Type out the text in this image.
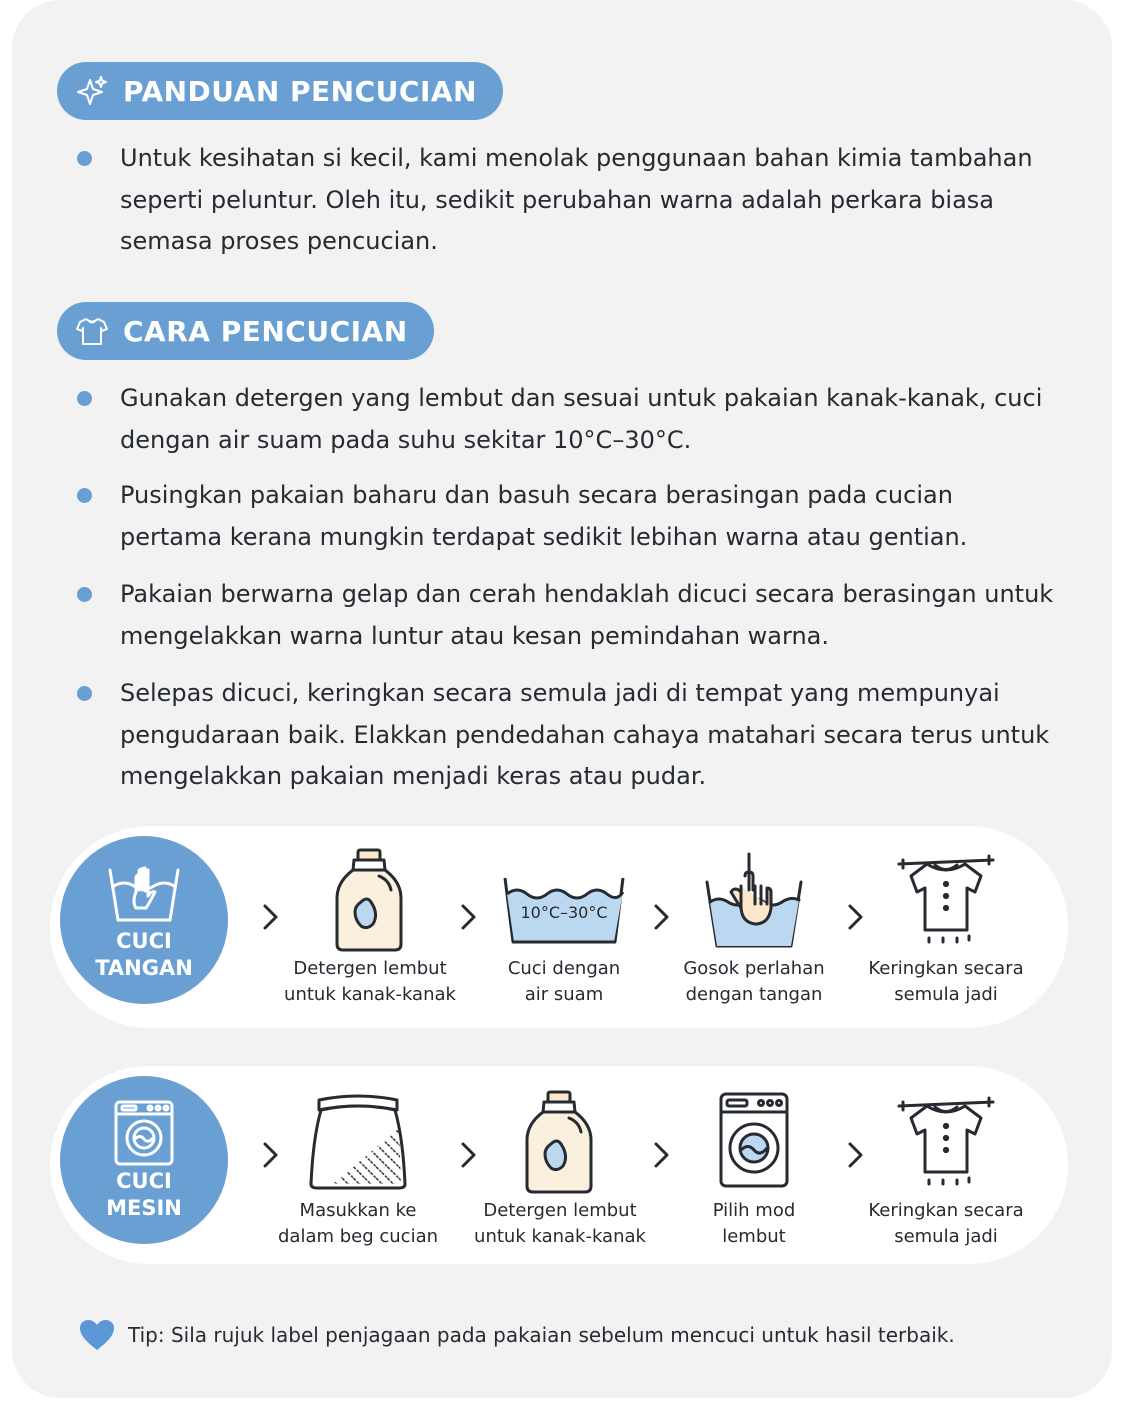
PANDUAN PENCUCIAN
Untuk kesihatan si kecil, kami menolak penggunaan bahan kimia tambahan seperti peluntur. Oleh itu, sedikit perubahan warna adalah perkara biasa semasa proses pencucian.
CARA PENCUCIAN
Gunakan detergen yang lembut dan sesuai untuk pakaian kanak-kanak, cuci dengan air suam pada suhu sekitar 10°C–30°C.
Pusingkan pakaian baharu dan basuh secara berasingan pada cucian pertama kerana mungkin terdapat sedikit lebihan warna atau gentian.
Pakaian berwarna gelap dan cerah hendaklah dicuci secara berasingan untuk mengelakkan warna luntur atau kesan pemindahan warna.
Selepas dicuci, keringkan secara semula jadi di tempat yang mempunyai pengudaraan baik. Elakkan pendedahan cahaya matahari secara terus untuk mengelakkan pakaian menjadi keras atau pudar.
CUCI
TANGAN	Detergen lembut
untuk kanak-kanak
10°C–30°C
Cuci dengan
air suam
Gosok perlahan
dengan tangan
Keringkan secara
semula jadi
CUCI
MESIN	Masukkan ke
dalam beg cucian
Detergen lembut
untuk kanak-kanak
Pilih mod
lembut
Keringkan secara
semula jadi
Tip: Sila rujuk label penjagaan pada pakaian sebelum mencuci untuk hasil terbaik.
